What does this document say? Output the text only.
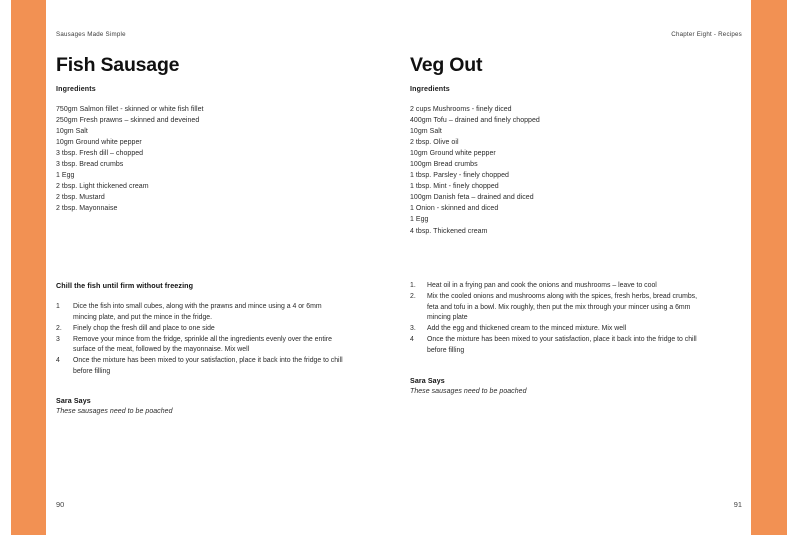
Sausages Made Simple
Fish Sausage
Ingredients
750gm Salmon fillet - skinned or white fish fillet
250gm Fresh prawns – skinned and deveined
10gm Salt
10gm Ground white pepper
3 tbsp. Fresh dill – chopped
3 tbsp. Bread crumbs
1 Egg
2 tbsp. Light thickened cream
2 tbsp. Mustard
2 tbsp. Mayonnaise
Chill the fish until firm without freezing
1	Dice the fish into small cubes, along with the prawns and mince using a 4 or 6mm mincing plate, and put the mince in the fridge.
2.	Finely chop the fresh dill and place to one side
3	Remove your mince from the fridge, sprinkle all the ingredients evenly over the entire surface of the meat, followed by the mayonnaise. Mix well
4	Once the mixture has been mixed to your satisfaction, place it back into the fridge to chill before filling
Sara Says
These sausages need to be poached
90
Chapter Eight - Recipes
Veg Out
Ingredients
2 cups Mushrooms - finely diced
400gm Tofu – drained and finely chopped
10gm Salt
2 tbsp. Olive oil
10gm Ground white pepper
100gm Bread crumbs
1 tbsp. Parsley - finely chopped
1 tbsp. Mint - finely chopped
100gm Danish feta – drained and diced
1 Onion - skinned and diced
1 Egg
4 tbsp. Thickened cream
1.	Heat oil in a frying pan and cook the onions and mushrooms – leave to cool
2.	Mix the cooled onions and mushrooms along with the spices, fresh herbs, bread crumbs, feta and tofu in a bowl. Mix roughly, then put the mix through your mincer using a 6mm mincing plate
3.	Add the egg and thickened cream to the minced mixture. Mix well
4	Once the mixture has been mixed to your satisfaction, place it back into the fridge to chill before filling
Sara Says
These sausages need to be poached
91
